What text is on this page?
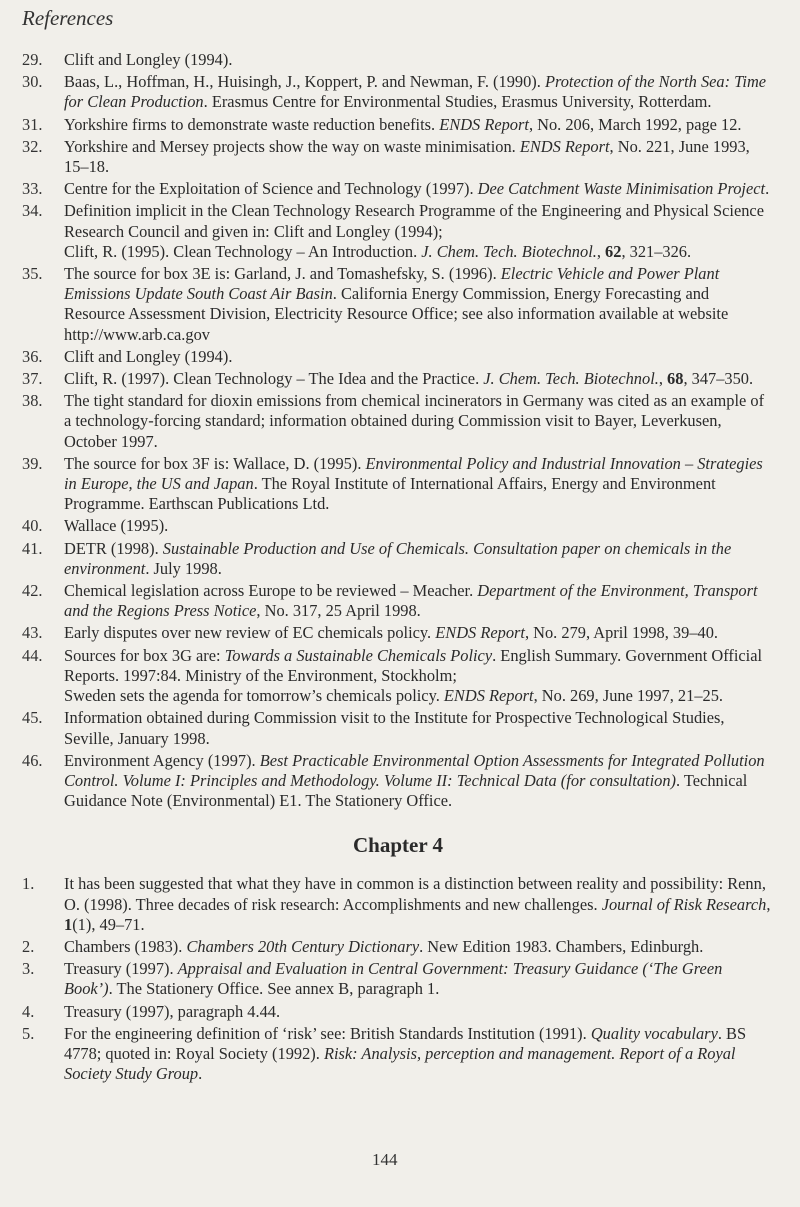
References
29.	Clift and Longley (1994).
30.	Baas, L., Hoffman, H., Huisingh, J., Koppert, P. and Newman, F. (1990). Protection of the North Sea: Time for Clean Production. Erasmus Centre for Environmental Studies, Erasmus University, Rotterdam.
31.	Yorkshire firms to demonstrate waste reduction benefits. ENDS Report, No. 206, March 1992, page 12.
32.	Yorkshire and Mersey projects show the way on waste minimisation. ENDS Report, No. 221, June 1993, 15–18.
33.	Centre for the Exploitation of Science and Technology (1997). Dee Catchment Waste Minimisation Project.
34.	Definition implicit in the Clean Technology Research Programme of the Engineering and Physical Science Research Council and given in: Clift and Longley (1994);
Clift, R. (1995). Clean Technology – An Introduction. J. Chem. Tech. Biotechnol., 62, 321–326.
35.	The source for box 3E is: Garland, J. and Tomashefsky, S. (1996). Electric Vehicle and Power Plant Emissions Update South Coast Air Basin. California Energy Commission, Energy Forecasting and Resource Assessment Division, Electricity Resource Office; see also information available at website http://www.arb.ca.gov
36.	Clift and Longley (1994).
37.	Clift, R. (1997). Clean Technology – The Idea and the Practice. J. Chem. Tech. Biotechnol., 68, 347–350.
38.	The tight standard for dioxin emissions from chemical incinerators in Germany was cited as an example of a technology-forcing standard; information obtained during Commission visit to Bayer, Leverkusen, October 1997.
39.	The source for box 3F is: Wallace, D. (1995). Environmental Policy and Industrial Innovation – Strategies in Europe, the US and Japan. The Royal Institute of International Affairs, Energy and Environment Programme. Earthscan Publications Ltd.
40.	Wallace (1995).
41.	DETR (1998). Sustainable Production and Use of Chemicals. Consultation paper on chemicals in the environment. July 1998.
42.	Chemical legislation across Europe to be reviewed – Meacher. Department of the Environment, Transport and the Regions Press Notice, No. 317, 25 April 1998.
43.	Early disputes over new review of EC chemicals policy. ENDS Report, No. 279, April 1998, 39–40.
44.	Sources for box 3G are: Towards a Sustainable Chemicals Policy. English Summary. Government Official Reports. 1997:84. Ministry of the Environment, Stockholm;
Sweden sets the agenda for tomorrow’s chemicals policy. ENDS Report, No. 269, June 1997, 21–25.
45.	Information obtained during Commission visit to the Institute for Prospective Technological Studies, Seville, January 1998.
46.	Environment Agency (1997). Best Practicable Environmental Option Assessments for Integrated Pollution Control. Volume I: Principles and Methodology. Volume II: Technical Data (for consultation). Technical Guidance Note (Environmental) E1. The Stationery Office.
Chapter 4
1.	It has been suggested that what they have in common is a distinction between reality and possibility: Renn, O. (1998). Three decades of risk research: Accomplishments and new challenges. Journal of Risk Research, 1(1), 49–71.
2.	Chambers (1983). Chambers 20th Century Dictionary. New Edition 1983. Chambers, Edinburgh.
3.	Treasury (1997). Appraisal and Evaluation in Central Government: Treasury Guidance (‘The Green Book’). The Stationery Office. See annex B, paragraph 1.
4.	Treasury (1997), paragraph 4.44.
5.	For the engineering definition of ‘risk’ see: British Standards Institution (1991). Quality vocabulary. BS 4778; quoted in: Royal Society (1992). Risk: Analysis, perception and management. Report of a Royal Society Study Group.
144
